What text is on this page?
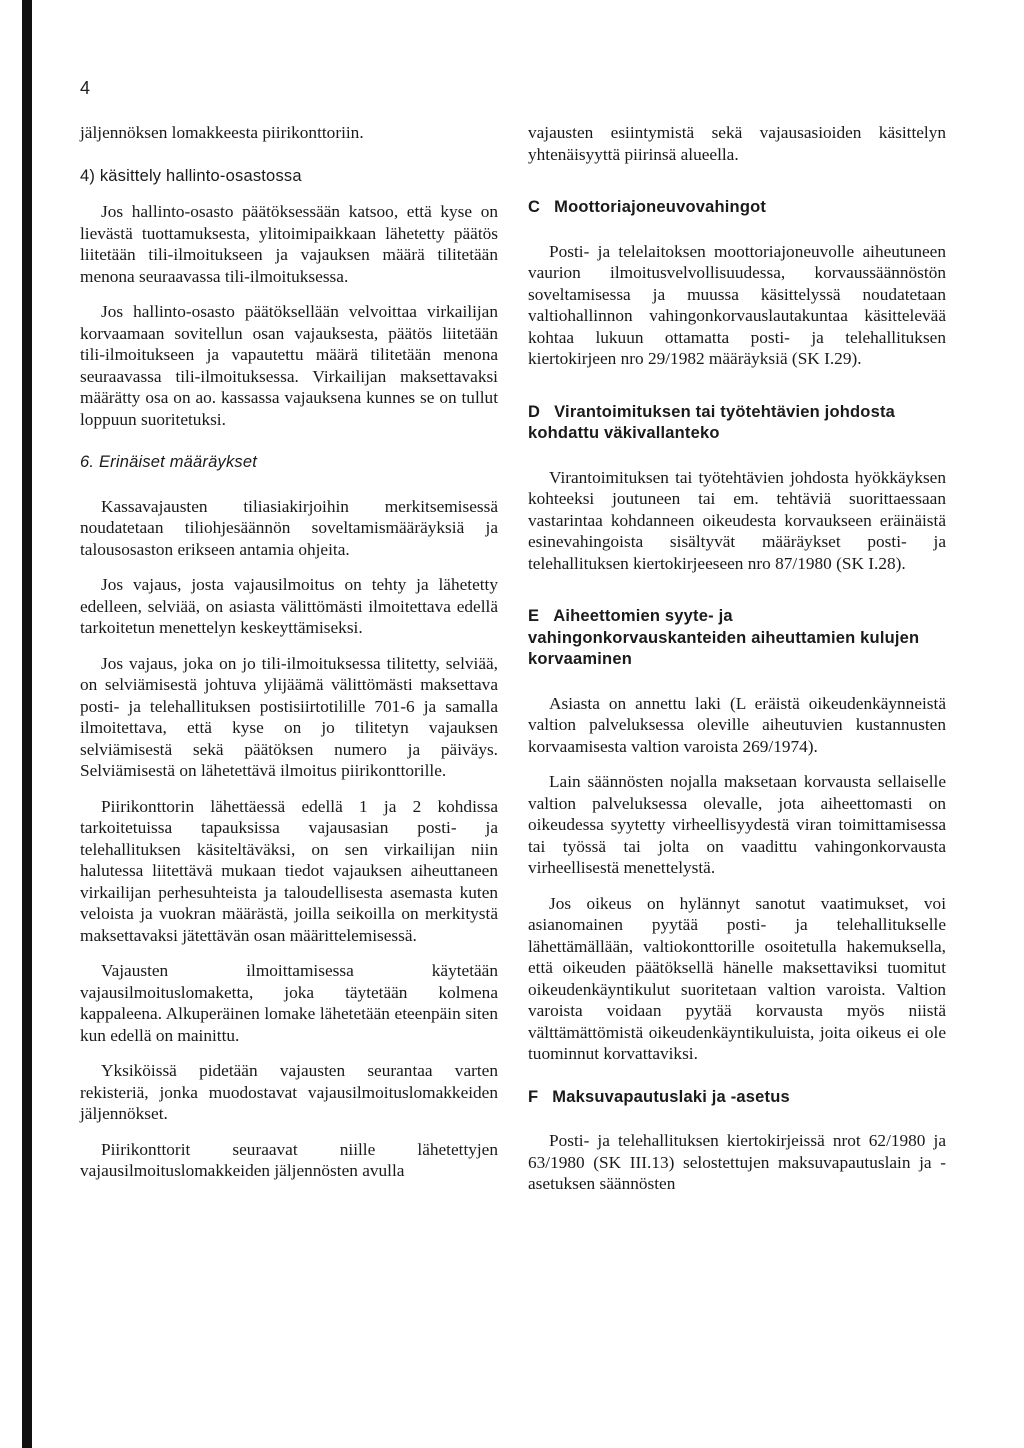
4

jäljennöksen lomakkeesta piirikonttoriin.

4) käsittely hallinto-osastossa

Jos hallinto-osasto päätöksessään katsoo, että kyse on lievästä tuottamuksesta, ylitoimipaikkaan lähetetty päätös liitetään tili-ilmoitukseen ja vajauksen määrä tilitetään menona seuraavassa tili-ilmoituksessa.

Jos hallinto-osasto päätöksellään velvoittaa virkailijan korvaamaan sovitellun osan vajauksesta, päätös liitetään tili-ilmoitukseen ja vapautettu määrä tilitetään menona seuraavassa tili-ilmoituksessa. Virkailijan maksettavaksi määrätty osa on ao. kassassa vajauksena kunnes se on tullut loppuun suoritetuksi.

6. Erinäiset määräykset

Kassavajausten tiliasiakirjoihin merkitsemisessä noudatetaan tiliohjesäännön soveltamismääräyksiä ja talousosaston erikseen antamia ohjeita.

Jos vajaus, josta vajausilmoitus on tehty ja lähetetty edelleen, selviää, on asiasta välittömästi ilmoitettava edellä tarkoitetun menettelyn keskeyttämiseksi.

Jos vajaus, joka on jo tili-ilmoituksessa tilitetty, selviää, on selviämisestä johtuva ylijäämä välittömästi maksettava posti- ja telehallituksen postisiirtotilille 701-6 ja samalla ilmoitettava, että kyse on jo tilitetyn vajauksen selviämisestä sekä päätöksen numero ja päiväys. Selviämisestä on lähetettävä ilmoitus piirikonttorille.

Piirikonttorin lähettäessä edellä 1 ja 2 kohdissa tarkoitetuissa tapauksissa vajausasian posti- ja telehallituksen käsiteltäväksi, on sen virkailijan niin halutessa liitettävä mukaan tiedot vajauksen aiheuttaneen virkailijan perhesuhteista ja taloudellisesta asemasta kuten veloista ja vuokran määrästä, joilla seikoilla on merkitystä maksettavaksi jätettävän osan määrittelemisessä.

Vajausten ilmoittamisessa käytetään vajausilmoituslomaketta, joka täytetään kolmena kappaleena. Alkuperäinen lomake lähetetään eteenpäin siten kun edellä on mainittu.

Yksiköissä pidetään vajausten seurantaa varten rekisteriä, jonka muodostavat vajausilmoituslomakkeiden jäljennökset.

Piirikonttorit seuraavat niille lähetettyjen vajausilmoituslomakkeiden jäljennösten avulla

vajausten esiintymistä sekä vajausasioiden käsittelyn yhtenäisyyttä piirinsä alueella.

C Moottoriajoneuvovahingot

Posti- ja telelaitoksen moottoriajoneuvolle aiheutuneen vaurion ilmoitusvelvollisuudessa, korvaussäännöstön soveltamisessa ja muussa käsittelyssä noudatetaan valtiohallinnon vahingonkorvauslautakuntaa käsittelevää kohtaa lukuun ottamatta posti- ja telehallituksen kiertokirjeen nro 29/1982 määräyksiä (SK I.29).

D Virantoimituksen tai työtehtävien johdosta kohdattu väkivallanteko

Virantoimituksen tai työtehtävien johdosta hyökkäyksen kohteeksi joutuneen tai em. tehtäviä suorittaessaan vastarintaa kohdanneen oikeudesta korvaukseen eräinäistä esinevahingoista sisältyvät määräykset posti- ja telehallituksen kiertokirjeeseen nro 87/1980 (SK I.28).

E Aiheettomien syyte- ja vahingonkorvauskanteiden aiheuttamien kulujen korvaaminen

Asiasta on annettu laki (L eräistä oikeudenkäynneistä valtion palveluksessa oleville aiheutuvien kustannusten korvaamisesta valtion varoista 269/1974).

Lain säännösten nojalla maksetaan korvausta sellaiselle valtion palveluksessa olevalle, jota aiheettomasti on oikeudessa syytetty virheellisyydestä viran toimittamisessa tai työssä tai jolta on vaadittu vahingonkorvausta virheellisestä menettelystä.

Jos oikeus on hylännyt sanotut vaatimukset, voi asianomainen pyytää posti- ja telehallitukselle lähettämällään, valtiokonttorille osoitetulla hakemuksella, että oikeuden päätöksellä hänelle maksettaviksi tuomitut oikeudenkäyntikulut suoritetaan valtion varoista. Valtion varoista voidaan pyytää korvausta myös niistä välttämättömistä oikeudenkäyntikuluista, joita oikeus ei ole tuominnut korvattaviksi.

F Maksuvapautuslaki ja -asetus

Posti- ja telehallituksen kiertokirjeissä nrot 62/1980 ja 63/1980 (SK III.13) selostettujen maksuvapautuslain ja -asetuksen säännösten
